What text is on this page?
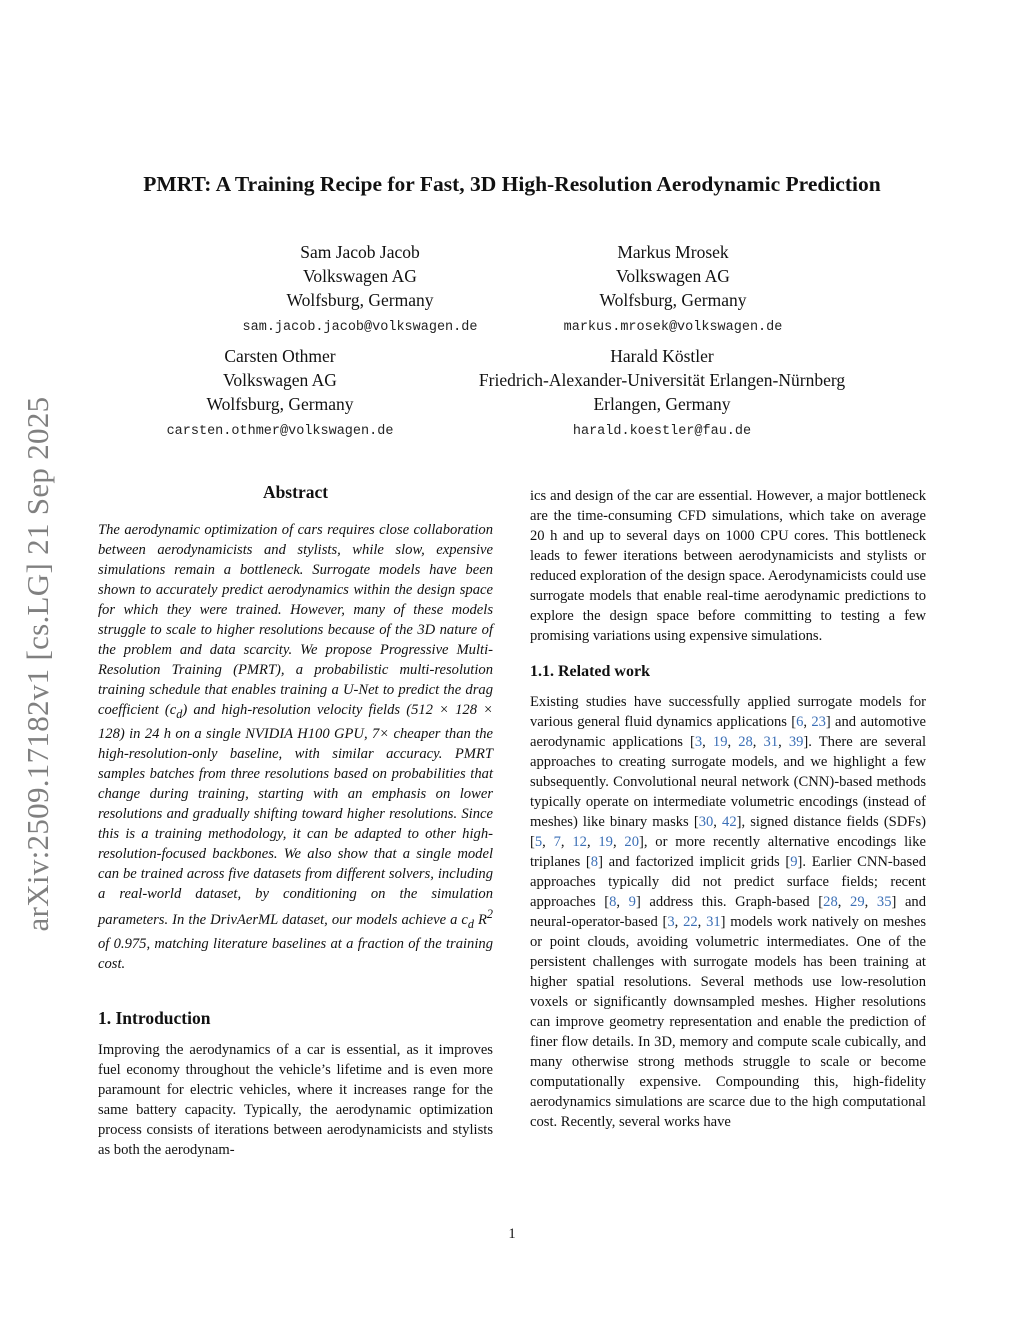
arXiv:2509.17182v1 [cs.LG] 21 Sep 2025
PMRT: A Training Recipe for Fast, 3D High-Resolution Aerodynamic Prediction
Sam Jacob Jacob
Volkswagen AG
Wolfsburg, Germany
sam.jacob.jacob@volkswagen.de
Markus Mrosek
Volkswagen AG
Wolfsburg, Germany
markus.mrosek@volkswagen.de
Carsten Othmer
Volkswagen AG
Wolfsburg, Germany
carsten.othmer@volkswagen.de
Harald Köstler
Friedrich-Alexander-Universität Erlangen-Nürnberg
Erlangen, Germany
harald.koestler@fau.de
Abstract

The aerodynamic optimization of cars requires close collaboration between aerodynamicists and stylists, while slow, expensive simulations remain a bottleneck. Surrogate models have been shown to accurately predict aerodynamics within the design space for which they were trained. However, many of these models struggle to scale to higher resolutions because of the 3D nature of the problem and data scarcity. We propose Progressive Multi-Resolution Training (PMRT), a probabilistic multi-resolution training schedule that enables training a U-Net to predict the drag coefficient $(c_d)$ and high-resolution velocity fields (512 × 128 × 128) in 24 h on a single NVIDIA H100 GPU, 7× cheaper than the high-resolution-only baseline, with similar accuracy. PMRT samples batches from three resolutions based on probabilities that change during training, starting with an emphasis on lower resolutions and gradually shifting toward higher resolutions. Since this is a training methodology, it can be adapted to other high-resolution-focused backbones. We also show that a single model can be trained across five datasets from different solvers, including a real-world dataset, by conditioning on the simulation parameters. In the DrivAerML dataset, our models achieve a $c_d$ $R^2$ of 0.975, matching literature baselines at a fraction of the training cost.

1. Introduction

Improving the aerodynamics of a car is essential, as it improves fuel economy throughout the vehicle’s lifetime and is even more paramount for electric vehicles, where it increases range for the same battery capacity. Typically, the aerodynamic optimization process consists of iterations between aerodynamicists and stylists as both the aerodynam-

ics and design of the car are essential. However, a major bottleneck are the time-consuming CFD simulations, which take on average 20 h and up to several days on 1000 CPU cores. This bottleneck leads to fewer iterations between aerodynamicists and stylists or reduced exploration of the design space. Aerodynamicists could use surrogate models that enable real-time aerodynamic predictions to explore the design space before committing to testing a few promising variations using expensive simulations.

1.1. Related work

Existing studies have successfully applied surrogate models for various general fluid dynamics applications [6, 23] and automotive aerodynamic applications [3, 19, 28, 31, 39]. There are several approaches to creating surrogate models, and we highlight a few subsequently. Convolutional neural network (CNN)-based methods typically operate on intermediate volumetric encodings (instead of meshes) like binary masks [30, 42], signed distance fields (SDFs) [5, 7, 12, 19, 20], or more recently alternative encodings like triplanes [8] and factorized implicit grids [9]. Earlier CNN-based approaches typically did not predict surface fields; recent approaches [8, 9] address this. Graph-based [28, 29, 35] and neural-operator-based [3, 22, 31] models work natively on meshes or point clouds, avoiding volumetric intermediates. One of the persistent challenges with surrogate models has been training at higher spatial resolutions. Several methods use low-resolution voxels or significantly downsampled meshes. Higher resolutions can improve geometry representation and enable the prediction of finer flow details. In 3D, memory and compute scale cubically, and many otherwise strong methods struggle to scale or become computationally expensive. Compounding this, high-fidelity aerodynamics simulations are scarce due to the high computational cost. Recently, several works have

1
